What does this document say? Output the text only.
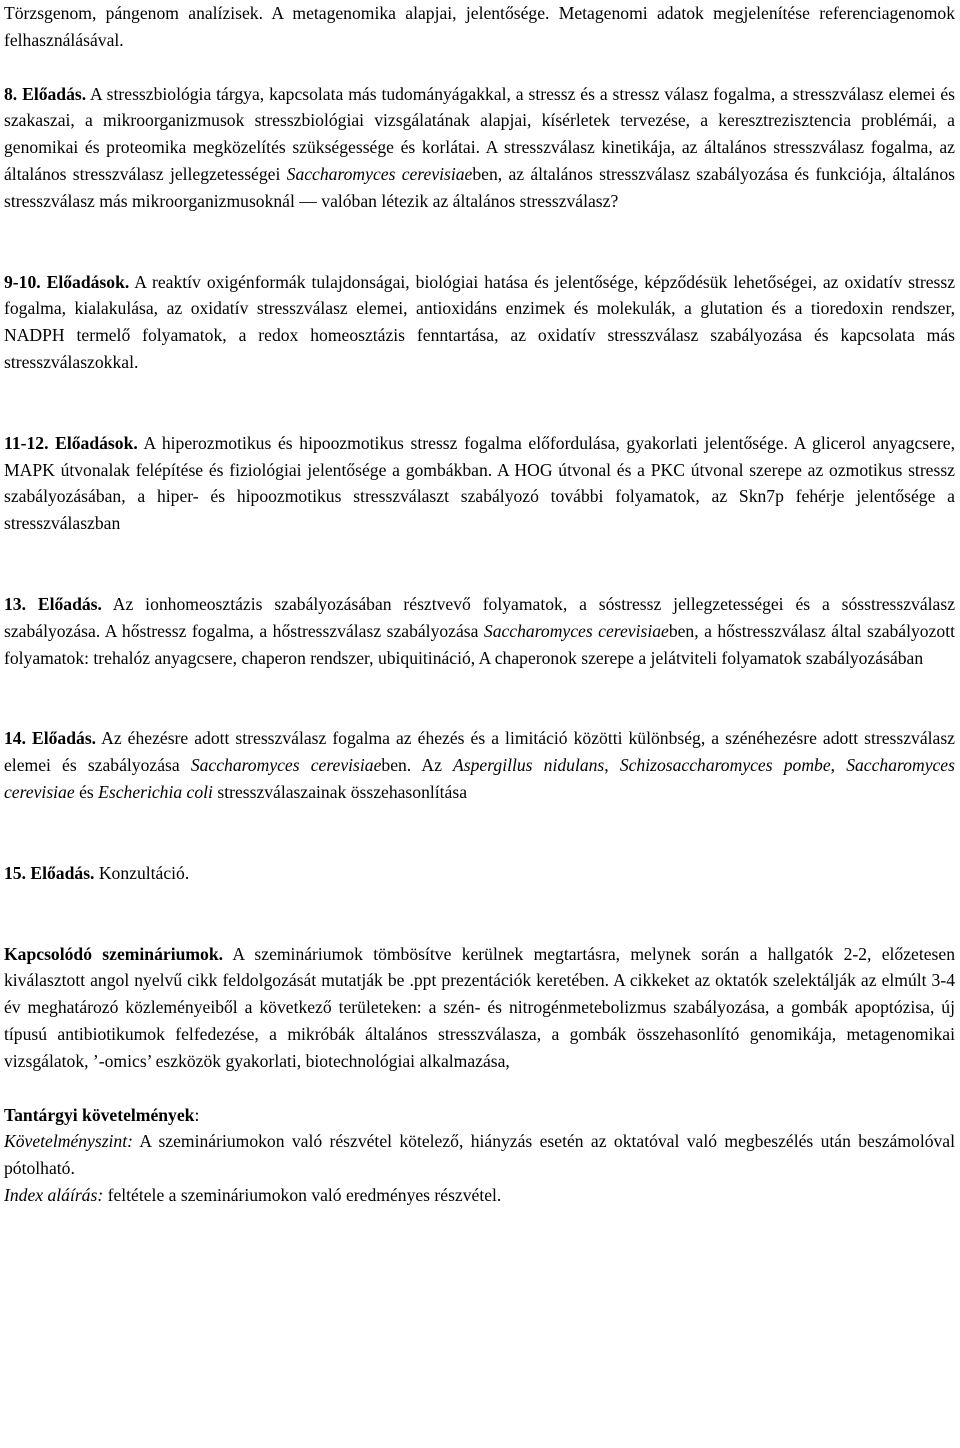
Törzsgenom, pángenom analízisek. A metagenomika alapjai, jelentősége. Metagenomi adatok megjelenítése referenciagenomok felhasználásával.

8. Előadás. A stresszbiológia tárgya, kapcsolata más tudományágakkal, a stressz és a stressz válasz fogalma, a stresszválasz elemei és szakaszai, a mikroorganizmusok stresszbiológiai vizsgálatának alapjai, kísérletek tervezése, a keresztrezisztencia problémái, a genomikai és proteomika megközelítés szükségessége és korlátai. A stresszválasz kinetikája, az általános stresszválasz fogalma, az általános stresszválasz jellegzetességei Saccharomyces cerevisiaeben, az általános stresszválasz szabályozása és funkciója, általános stresszválasz más mikroorganizmusoknál — valóban létezik az általános stresszválasz?

9-10. Előadások. A reaktív oxigénformák tulajdonságai, biológiai hatása és jelentősége, képződésük lehetőségei, az oxidatív stressz fogalma, kialakulása, az oxidatív stresszválasz elemei, antioxidáns enzimek és molekulák, a glutation és a tioredoxin rendszer, NADPH termelő folyamatok, a redox homeosztázis fenntartása, az oxidatív stresszválasz szabályozása és kapcsolata más stresszválaszokkal.

11-12. Előadások. A hiperozmotikus és hipoozmotikus stressz fogalma előfordulása, gyakorlati jelentősége. A glicerol anyagcsere, MAPK útvonalak felépítése és fiziológiai jelentősége a gombákban. A HOG útvonal és a PKC útvonal szerepe az ozmotikus stressz szabályozásában, a hiper- és hipoozmotikus stresszválaszt szabályozó további folyamatok, az Skn7p fehérje jelentősége a stresszválaszban

13. Előadás. Az ionhomeosztázis szabályozásában résztvevő folyamatok, a sóstressz jellegzetességei és a sósstresszválasz szabályozása. A hőstressz fogalma, a hőstresszválasz szabályozása Saccharomyces cerevisiaeben, a hőstresszválasz által szabályozott folyamatok: trehalóz anyagcsere, chaperon rendszer, ubiquitináció, A chaperonok szerepe a jelátviteli folyamatok szabályozásában

14. Előadás. Az éhezésre adott stresszválasz fogalma az éhezés és a limitáció közötti különbség, a szénéhezésre adott stresszválasz elemei és szabályozása Saccharomyces cerevisiaeben. Az Aspergillus nidulans, Schizosaccharomyces pombe, Saccharomyces cerevisiae és Escherichia coli stresszválaszainak összehasonlítása

15. Előadás. Konzultáció.

Kapcsolódó szemináriumok. A szemináriumok tömbösítve kerülnek megtartásra, melynek során a hallgatók 2-2, előzetesen kiválasztott angol nyelvű cikk feldolgozását mutatják be .ppt prezentációk keretében. A cikkeket az oktatók szelektálják az elmúlt 3-4 év meghatározó közleményeiből a következő területeken: a szén- és nitrogénmetebolizmus szabályozása, a gombák apoptózisa, új típusú antibiotikumok felfedezése, a mikróbák általános stresszválasza, a gombák összehasonlító genomikája, metagenomikai vizsgálatok, ’-omics’ eszközök gyakorlati, biotechnológiai alkalmazása,

Tantárgyi követelmények:

Követelményszint: A szemináriumokon való részvétel kötelező, hiányzás esetén az oktatóval való megbeszélés után beszámolóval pótolható.

Index aláírás: feltétele a szemináriumokon való eredményes részvétel.
